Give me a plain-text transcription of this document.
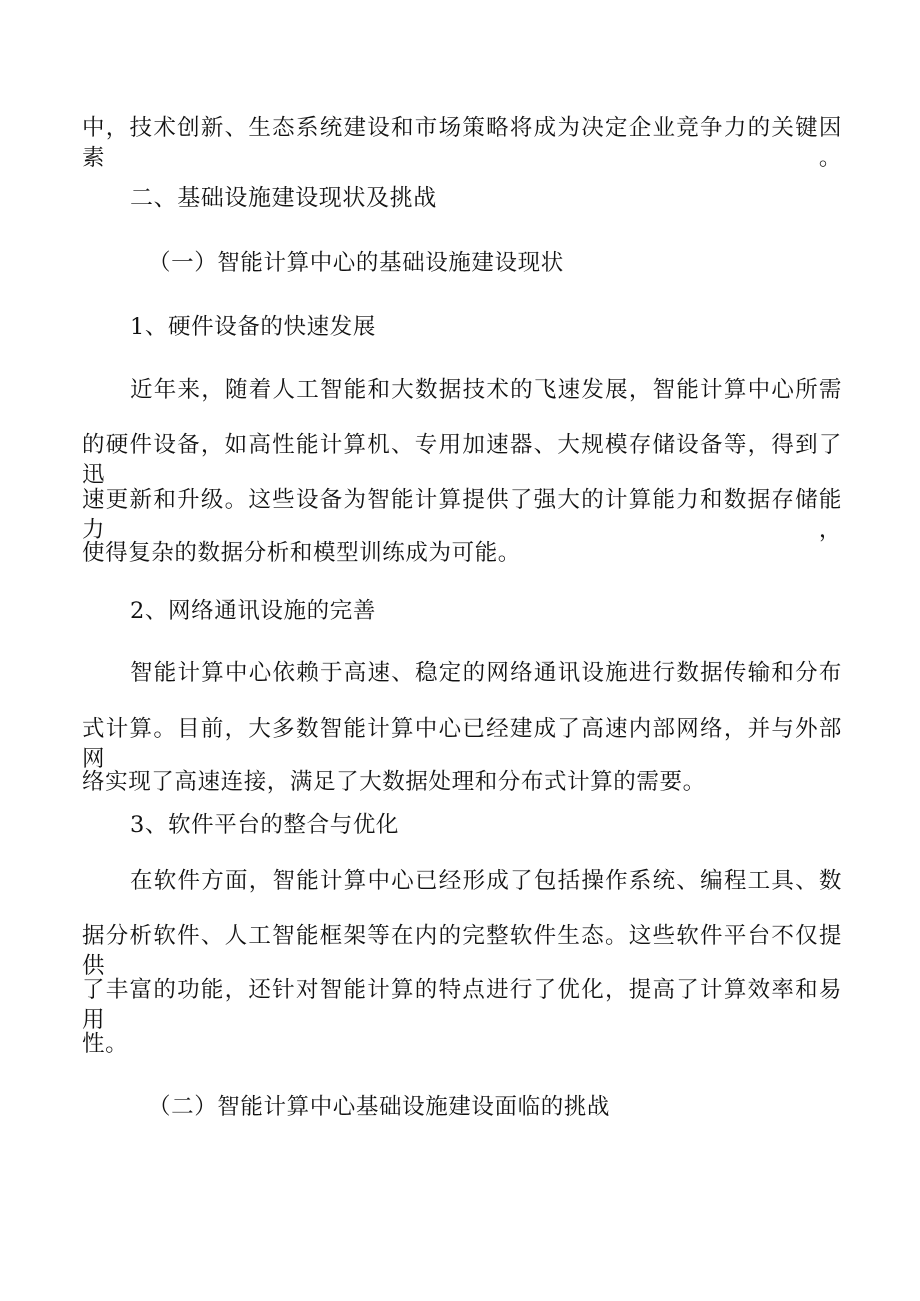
中，技术创新、生态系统建设和市场策略将成为决定企业竞争力的关键因素。
二、基础设施建设现状及挑战
（一）智能计算中心的基础设施建设现状
1、硬件设备的快速发展
近年来，随着人工智能和大数据技术的飞速发展，智能计算中心所需
的硬件设备，如高性能计算机、专用加速器、大规模存储设备等，得到了迅
速更新和升级。这些设备为智能计算提供了强大的计算能力和数据存储能力，
使得复杂的数据分析和模型训练成为可能。
2、网络通讯设施的完善
智能计算中心依赖于高速、稳定的网络通讯设施进行数据传输和分布
式计算。目前，大多数智能计算中心已经建成了高速内部网络，并与外部网
络实现了高速连接，满足了大数据处理和分布式计算的需要。
3、软件平台的整合与优化
在软件方面，智能计算中心已经形成了包括操作系统、编程工具、数
据分析软件、人工智能框架等在内的完整软件生态。这些软件平台不仅提供
了丰富的功能，还针对智能计算的特点进行了优化，提高了计算效率和易用
性。
（二）智能计算中心基础设施建设面临的挑战
